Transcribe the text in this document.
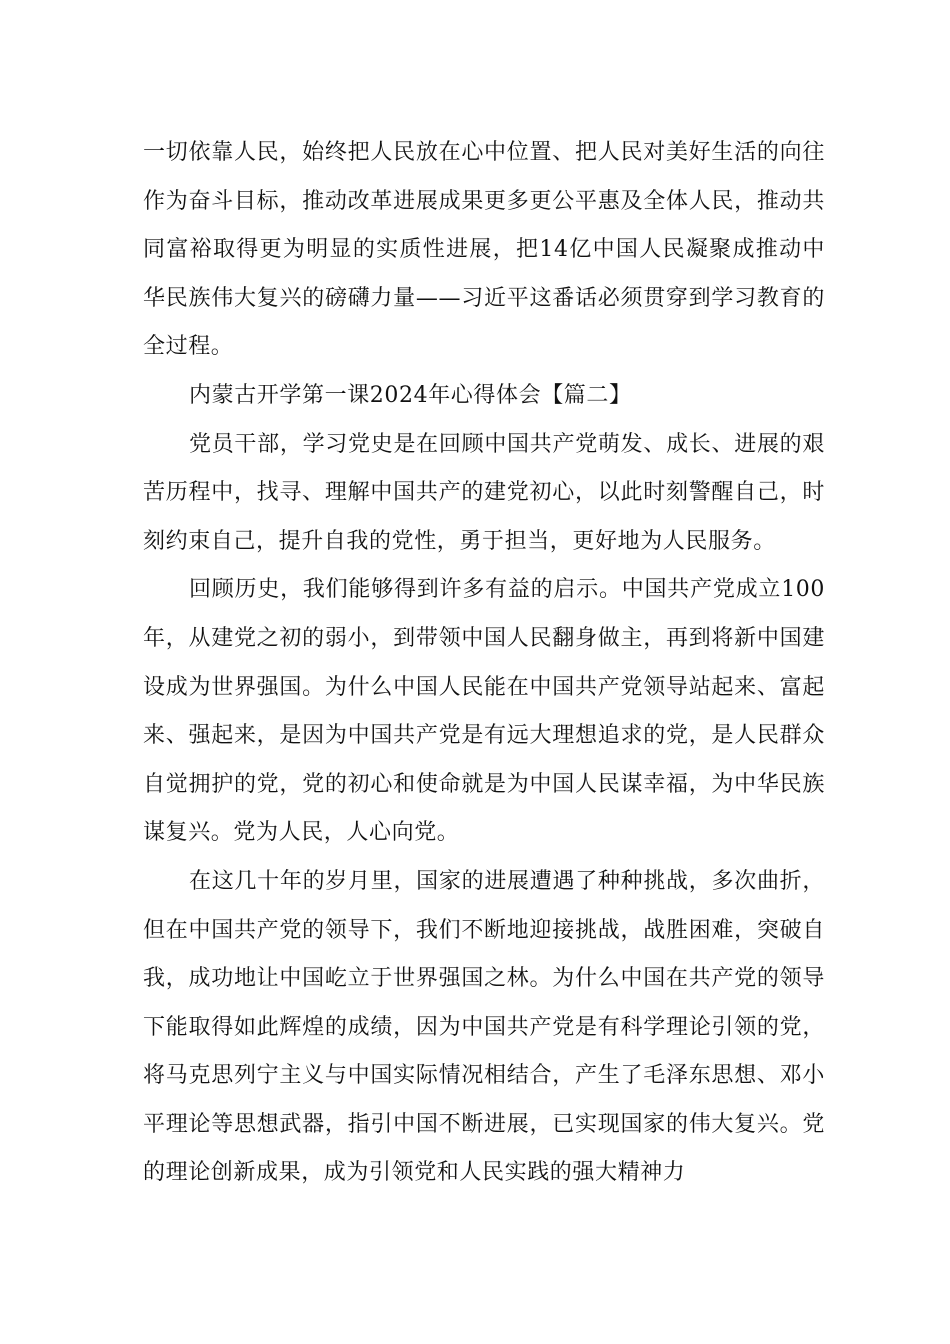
一切依靠人民，始终把人民放在心中位置、把人民对美好生活的向往作为奋斗目标，推动改革进展成果更多更公平惠及全体人民，推动共同富裕取得更为明显的实质性进展，把14亿中国人民凝聚成推动中华民族伟大复兴的磅礴力量——习近平这番话必须贯穿到学习教育的全过程。

内蒙古开学第一课2024年心得体会【篇二】

党员干部，学习党史是在回顾中国共产党萌发、成长、进展的艰苦历程中，找寻、理解中国共产的建党初心，以此时刻警醒自己，时刻约束自己，提升自我的党性，勇于担当，更好地为人民服务。

回顾历史，我们能够得到许多有益的启示。中国共产党成立100年，从建党之初的弱小，到带领中国人民翻身做主，再到将新中国建设成为世界强国。为什么中国人民能在中国共产党领导站起来、富起来、强起来，是因为中国共产党是有远大理想追求的党，是人民群众自觉拥护的党，党的初心和使命就是为中国人民谋幸福，为中华民族谋复兴。党为人民，人心向党。

在这几十年的岁月里，国家的进展遭遇了种种挑战，多次曲折，但在中国共产党的领导下，我们不断地迎接挑战，战胜困难，突破自我，成功地让中国屹立于世界强国之林。为什么中国在共产党的领导下能取得如此辉煌的成绩，因为中国共产党是有科学理论引领的党，将马克思列宁主义与中国实际情况相结合，产生了毛泽东思想、邓小平理论等思想武器，指引中国不断进展，已实现国家的伟大复兴。党的理论创新成果，成为引领党和人民实践的强大精神力
